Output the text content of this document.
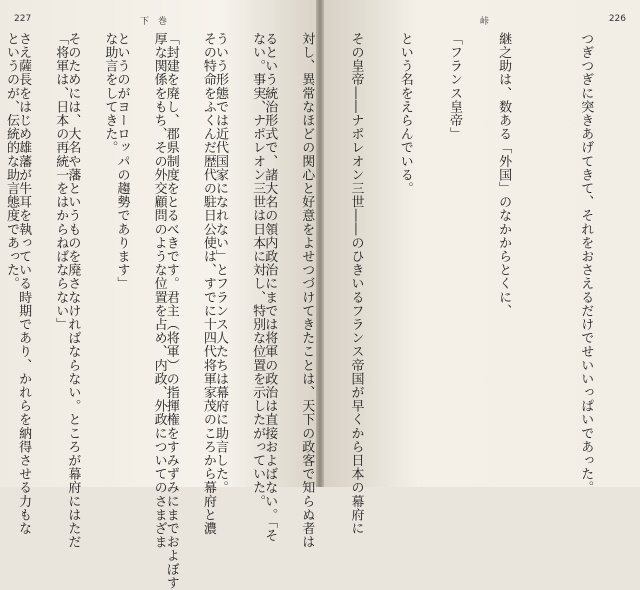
227	下　巻

るという統治形式で、諸大名の領内政治にまでは将軍の政治は直接およばない。「そ

ういう形態では近代国家になれない」とフランス人たちは幕府に助言した。

「封建を廃し、郡県制度をとるべきです。君主（将軍）の指揮権をすみずみにまでおよぼす

というのがヨーロッパの趨勢であります」

そのためには、大名や藩というものを廃さなければならない。ところが幕府にはただ

さえ薩長をはじめ雄藩が牛耳を執っている時期であり、かれらを納得させる力もな

226
峠

つぎつぎに突きあげてきて、それをおさえるだけでせいいっぱいであった。

継之助は、数ある「外国」のなかからとくに、

「フランス皇帝」

という名をえらんでいる。

その皇帝――ナポレオン三世――のひきいるフランス帝国が早くから日本の幕府に

対し、異常なほどの関心と好意をよせつづけてきたことは、天下の政客で知らぬ者は

ない。事実、ナポレオン三世は日本に対し、特別な位置を示したがっていた。

その特命をふくんだ歴代の駐日公使は、すでに十四代将軍家茂のころから幕府と濃

厚な関係をもち、その外交顧問のような位置を占め、内政、外政についてのさまざま

な助言をしてきた。

「将軍は、日本の再統一をはからねばならない」

というのが、伝統的な助言態度であった。
